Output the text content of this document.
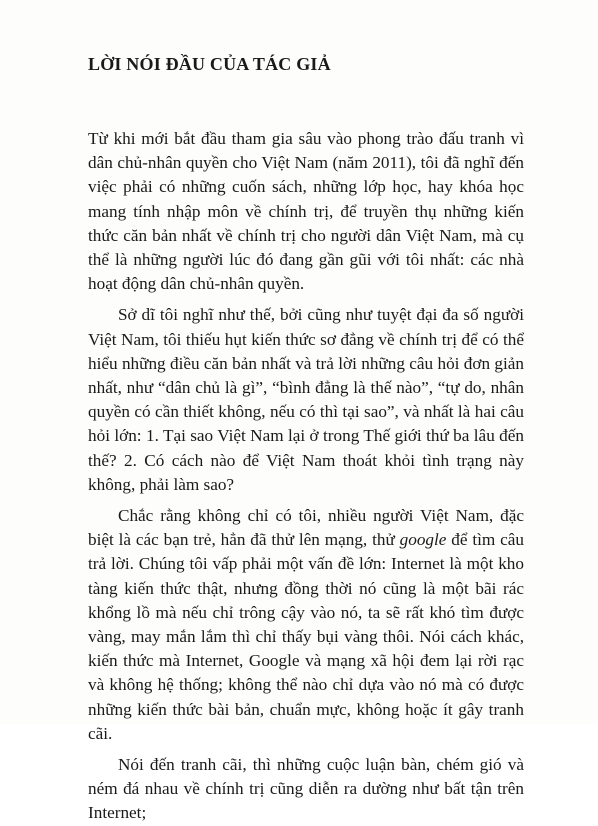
LỜI NÓI ĐẦU CỦA TÁC GIẢ

Từ khi mới bắt đầu tham gia sâu vào phong trào đấu tranh vì dân chủ-nhân quyền cho Việt Nam (năm 2011), tôi đã nghĩ đến việc phải có những cuốn sách, những lớp học, hay khóa học mang tính nhập môn về chính trị, để truyền thụ những kiến thức căn bản nhất về chính trị cho người dân Việt Nam, mà cụ thể là những người lúc đó đang gần gũi với tôi nhất: các nhà hoạt động dân chủ-nhân quyền.

Sở dĩ tôi nghĩ như thế, bởi cũng như tuyệt đại đa số người Việt Nam, tôi thiếu hụt kiến thức sơ đẳng về chính trị để có thể hiểu những điều căn bản nhất và trả lời những câu hỏi đơn giản nhất, như “dân chủ là gì”, “bình đẳng là thế nào”, “tự do, nhân quyền có cần thiết không, nếu có thì tại sao”, và nhất là hai câu hỏi lớn: 1. Tại sao Việt Nam lại ở trong Thế giới thứ ba lâu đến thế? 2. Có cách nào để Việt Nam thoát khỏi tình trạng này không, phải làm sao?

Chắc rằng không chỉ có tôi, nhiều người Việt Nam, đặc biệt là các bạn trẻ, hẳn đã thử lên mạng, thử google để tìm câu trả lời. Chúng tôi vấp phải một vấn đề lớn: Internet là một kho tàng kiến thức thật, nhưng đồng thời nó cũng là một bãi rác khổng lồ mà nếu chỉ trông cậy vào nó, ta sẽ rất khó tìm được vàng, may mắn lắm thì chỉ thấy bụi vàng thôi. Nói cách khác, kiến thức mà Internet, Google và mạng xã hội đem lại rời rạc và không hệ thống; không thể nào chỉ dựa vào nó mà có được những kiến thức bài bản, chuẩn mực, không hoặc ít gây tranh cãi.

Nói đến tranh cãi, thì những cuộc luận bàn, chém gió và ném đá nhau về chính trị cũng diễn ra dường như bất tận trên Internet;
